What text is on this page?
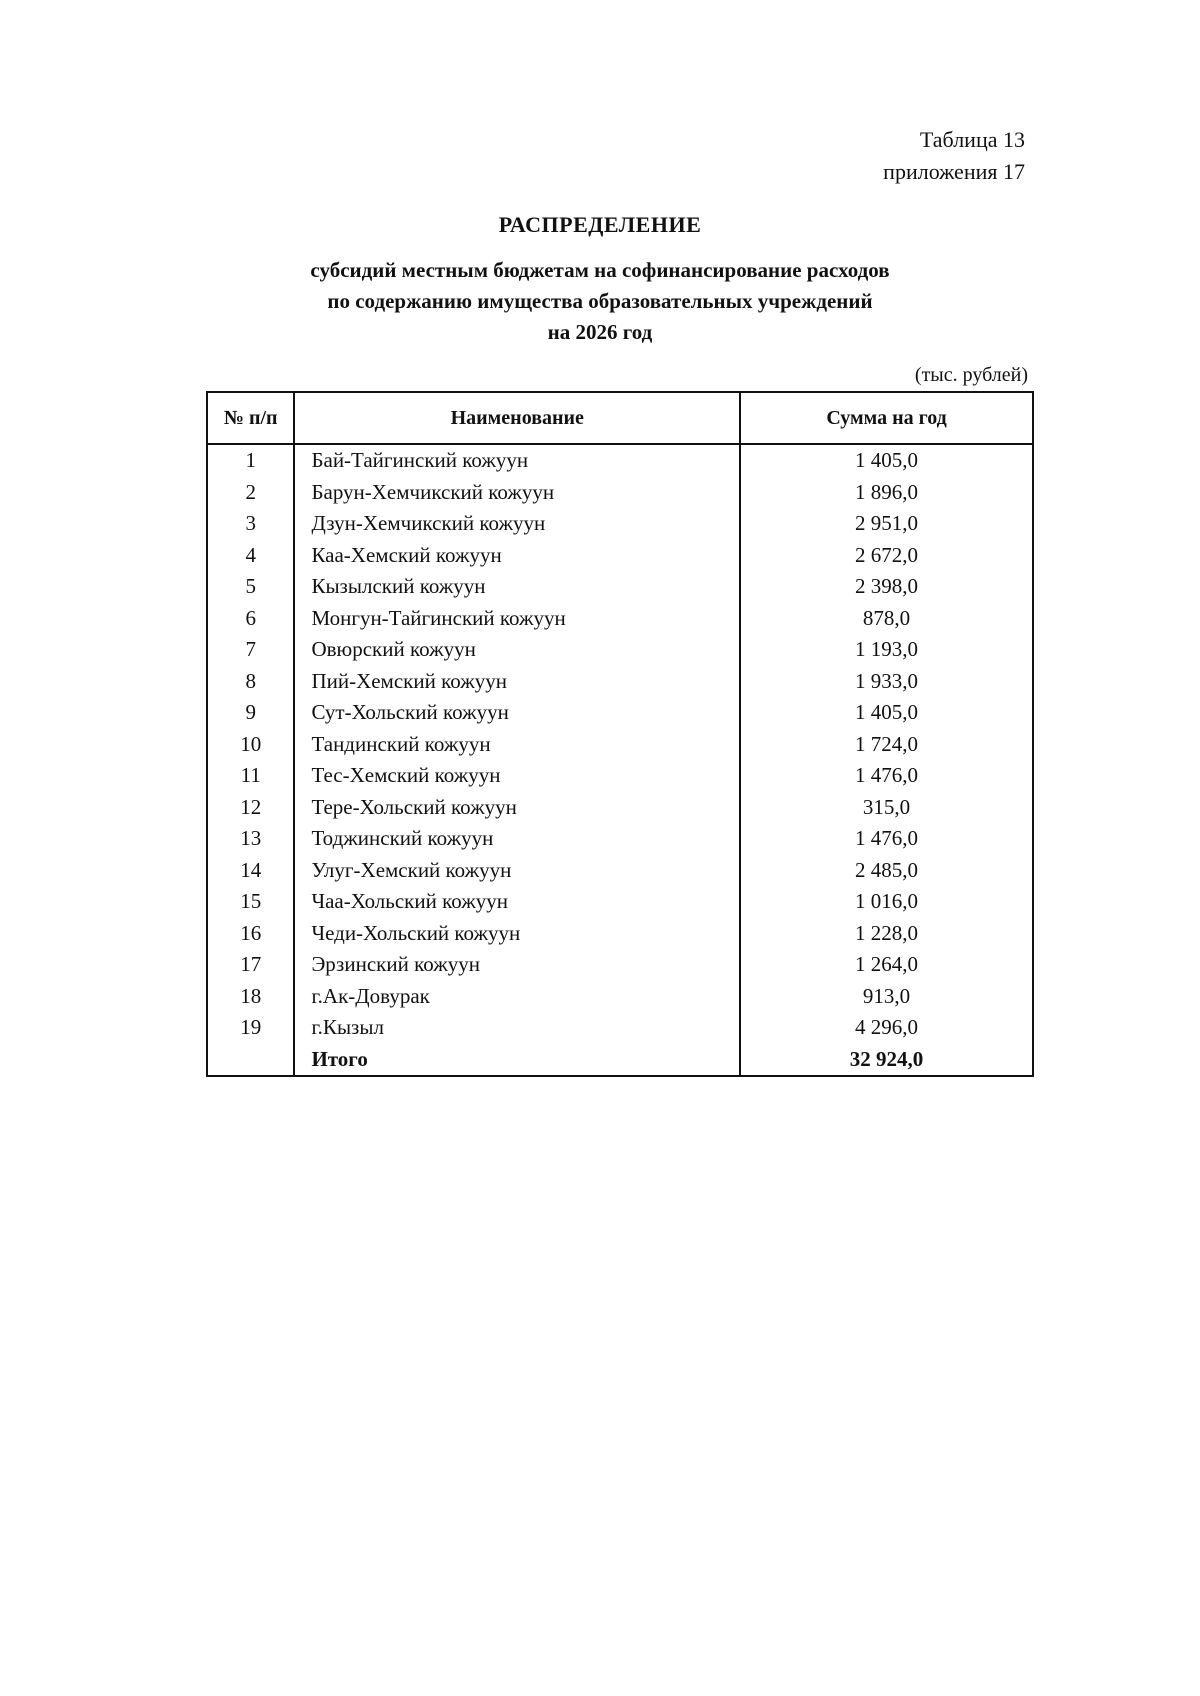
Таблица 13
приложения 17
РАСПРЕДЕЛЕНИЕ
субсидий местным бюджетам на софинансирование расходов
по содержанию имущества образовательных учреждений
на 2026 год
(тыс. рублей)
№ п/п	Наименование	Сумма на год
1	Бай-Тайгинский кожуун	1 405,0
2	Барун-Хемчикский кожуун	1 896,0
3	Дзун-Хемчикский кожуун	2 951,0
4	Каа-Хемский кожуун	2 672,0
5	Кызылский кожуун	2 398,0
6	Монгун-Тайгинский кожуун	878,0
7	Овюрский кожуун	1 193,0
8	Пий-Хемский кожуун	1 933,0
9	Сут-Хольский кожуун	1 405,0
10	Тандинский кожуун	1 724,0
11	Тес-Хемский кожуун	1 476,0
12	Тере-Хольский кожуун	315,0
13	Тоджинский кожуун	1 476,0
14	Улуг-Хемский кожуун	2 485,0
15	Чаа-Хольский кожуун	1 016,0
16	Чеди-Хольский кожуун	1 228,0
17	Эрзинский кожуун	1 264,0
18	г.Ак-Довурак	913,0
19	г.Кызыл	4 296,0
	Итого	32 924,0
